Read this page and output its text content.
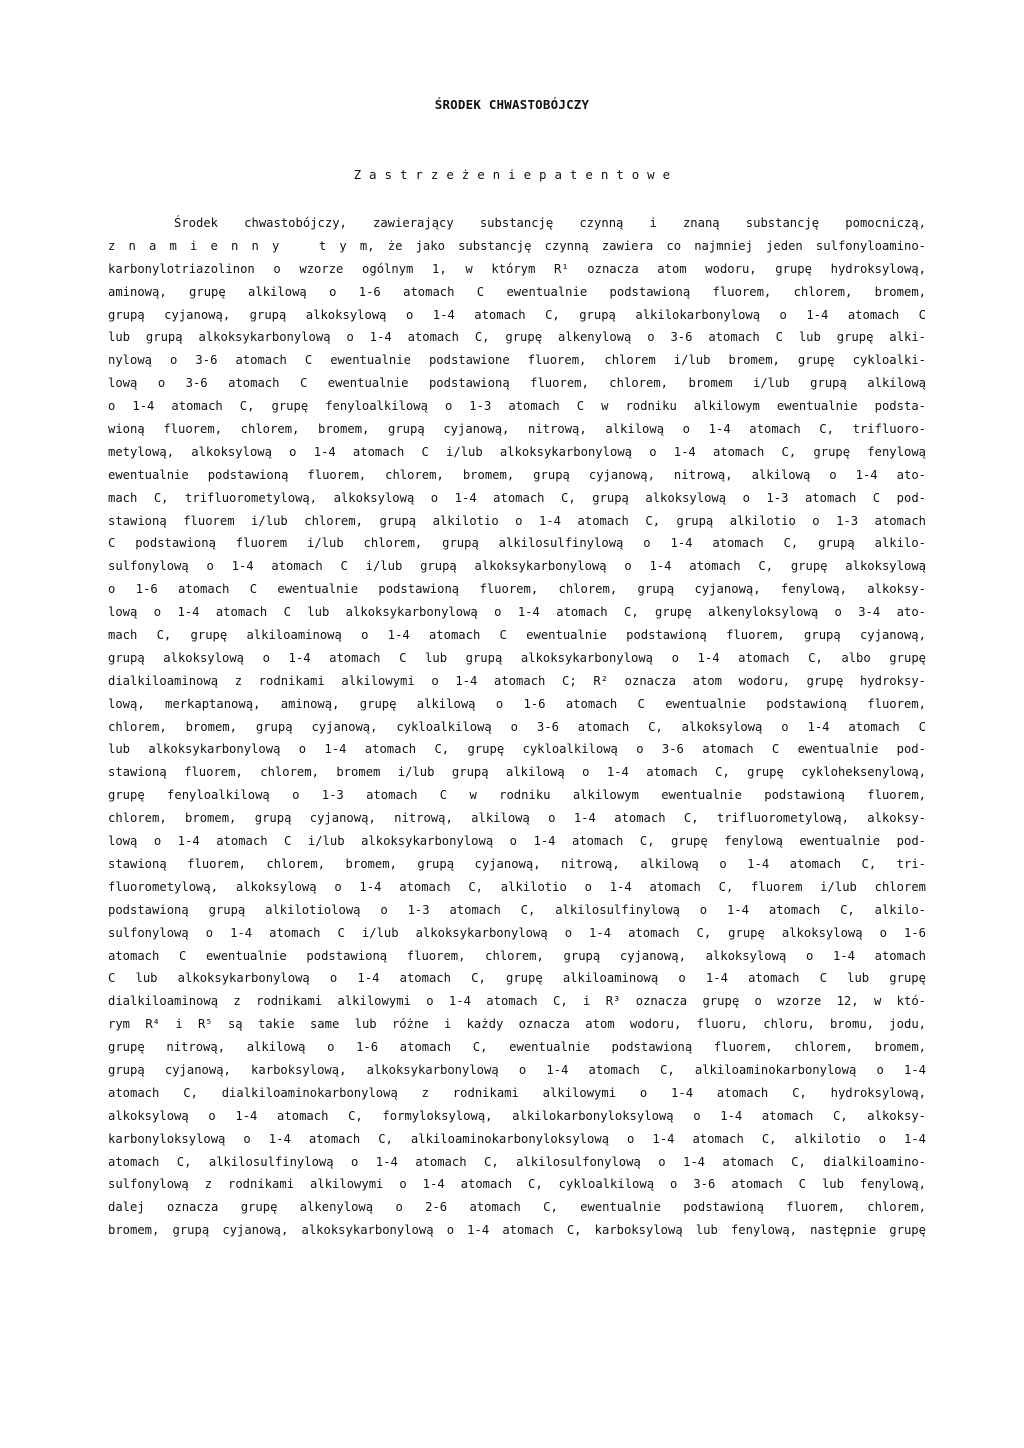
ŚRODEK CHWASTOBÓJCZY
Z a s t r z e ż e n i e p a t e n t o w e
Środek chwastobójczy, zawierający substancję czynną i znaną substancję pomocniczą,
z n a m i e n n y   t y m, że jako substancję czynną zawiera co najmniej jeden sulfonyloamino-
karbonylotriazolinon o wzorze ogólnym 1, w którym R¹ oznacza atom wodoru, grupę hydroksylową,
aminową, grupę alkilową o 1-6 atomach C ewentualnie podstawioną fluorem, chlorem, bromem,
grupą cyjanową, grupą alkoksylową o 1-4 atomach C, grupą alkilokarbonylową o 1-4 atomach C
lub grupą alkoksykarbonylową o 1-4 atomach C, grupę alkenylową o 3-6 atomach C lub grupę alki-
nylową o 3-6 atomach C ewentualnie podstawione fluorem, chlorem i/lub bromem, grupę cykloalki-
lową o 3-6 atomach C ewentualnie podstawioną fluorem, chlorem, bromem i/lub grupą alkilową
o 1-4 atomach C, grupę fenyloalkilową o 1-3 atomach C w rodniku alkilowym ewentualnie podsta-
wioną fluorem, chlorem, bromem, grupą cyjanową, nitrową, alkilową o 1-4 atomach C, trifluoro-
metylową, alkoksylową o 1-4 atomach C i/lub alkoksykarbonylową o 1-4 atomach C, grupę fenylową
ewentualnie podstawioną fluorem, chlorem, bromem, grupą cyjanową, nitrową, alkilową o 1-4 ato-
mach C, trifluorometylową, alkoksylową o 1-4 atomach C, grupą alkoksylową o 1-3 atomach C pod-
stawioną fluorem i/lub chlorem, grupą alkilotio o 1-4 atomach C, grupą alkilotio o 1-3 atomach
C podstawioną fluorem i/lub chlorem, grupą alkilosulfinylową o 1-4 atomach C, grupą alkilo-
sulfonylową o 1-4 atomach C i/lub grupą alkoksykarbonylową o 1-4 atomach C, grupę alkoksylową
o 1-6 atomach C ewentualnie podstawioną fluorem, chlorem, grupą cyjanową, fenylową, alkoksy-
lową o 1-4 atomach C lub alkoksykarbonylową o 1-4 atomach C, grupę alkenyloksylową o 3-4 ato-
mach C, grupę alkiloaminową o 1-4 atomach C ewentualnie podstawioną fluorem, grupą cyjanową,
grupą alkoksylową o 1-4 atomach C lub grupą alkoksykarbonylową o 1-4 atomach C, albo grupę
dialkiloaminową z rodnikami alkilowymi o 1-4 atomach C; R² oznacza atom wodoru, grupę hydroksy-
lową, merkaptanową, aminową, grupę alkilową o 1-6 atomach C ewentualnie podstawioną fluorem,
chlorem, bromem, grupą cyjanową, cykloalkilową o 3-6 atomach C, alkoksylową o 1-4 atomach C
lub alkoksykarbonylową o 1-4 atomach C, grupę cykloalkilową o 3-6 atomach C ewentualnie pod-
stawioną fluorem, chlorem, bromem i/lub grupą alkilową o 1-4 atomach C, grupę cykloheksenylową,
grupę fenyloalkilową o 1-3 atomach C w rodniku alkilowym ewentualnie podstawioną fluorem,
chlorem, bromem, grupą cyjanową, nitrową, alkilową o 1-4 atomach C, trifluorometylową, alkoksy-
lową o 1-4 atomach C i/lub alkoksykarbonylową o 1-4 atomach C, grupę fenylową ewentualnie pod-
stawioną fluorem, chlorem, bromem, grupą cyjanową, nitrową, alkilową o 1-4 atomach C, tri-
fluorometylową, alkoksylową o 1-4 atomach C, alkilotio o 1-4 atomach C, fluorem i/lub chlorem
podstawioną grupą alkilotiolową o 1-3 atomach C, alkilosulfinylową o 1-4 atomach C, alkilo-
sulfonylową o 1-4 atomach C i/lub alkoksykarbonylową o 1-4 atomach C, grupę alkoksylową o 1-6
atomach C ewentualnie podstawioną fluorem, chlorem, grupą cyjanową, alkoksylową o 1-4 atomach
C lub alkoksykarbonylową o 1-4 atomach C, grupę alkiloaminową o 1-4 atomach C lub grupę
dialkiloaminową z rodnikami alkilowymi o 1-4 atomach C, i R³ oznacza grupę o wzorze 12, w któ-
rym R⁴ i R⁵ są takie same lub różne i każdy oznacza atom wodoru, fluoru, chloru, bromu, jodu,
grupę nitrową, alkilową o 1-6 atomach C, ewentualnie podstawioną fluorem, chlorem, bromem,
grupą cyjanową, karboksylową, alkoksykarbonylową o 1-4 atomach C, alkiloaminokarbonylową o 1-4
atomach C, dialkiloaminokarbonylową z rodnikami alkilowymi o 1-4 atomach C, hydroksylową,
alkoksylową o 1-4 atomach C, formyloksylową, alkilokarbonyloksylową o 1-4 atomach C, alkoksy-
karbonyloksylową o 1-4 atomach C, alkiloaminokarbonyloksylową o 1-4 atomach C, alkilotio o 1-4
atomach C, alkilosulfinylową o 1-4 atomach C, alkilosulfonylową o 1-4 atomach C, dialkiloamino-
sulfonylową z rodnikami alkilowymi o 1-4 atomach C, cykloalkilową o 3-6 atomach C lub fenylową,
dalej oznacza grupę alkenylową o 2-6 atomach C, ewentualnie podstawioną fluorem, chlorem,
bromem, grupą cyjanową, alkoksykarbonylową o 1-4 atomach C, karboksylową lub fenylową, następnie grupę
